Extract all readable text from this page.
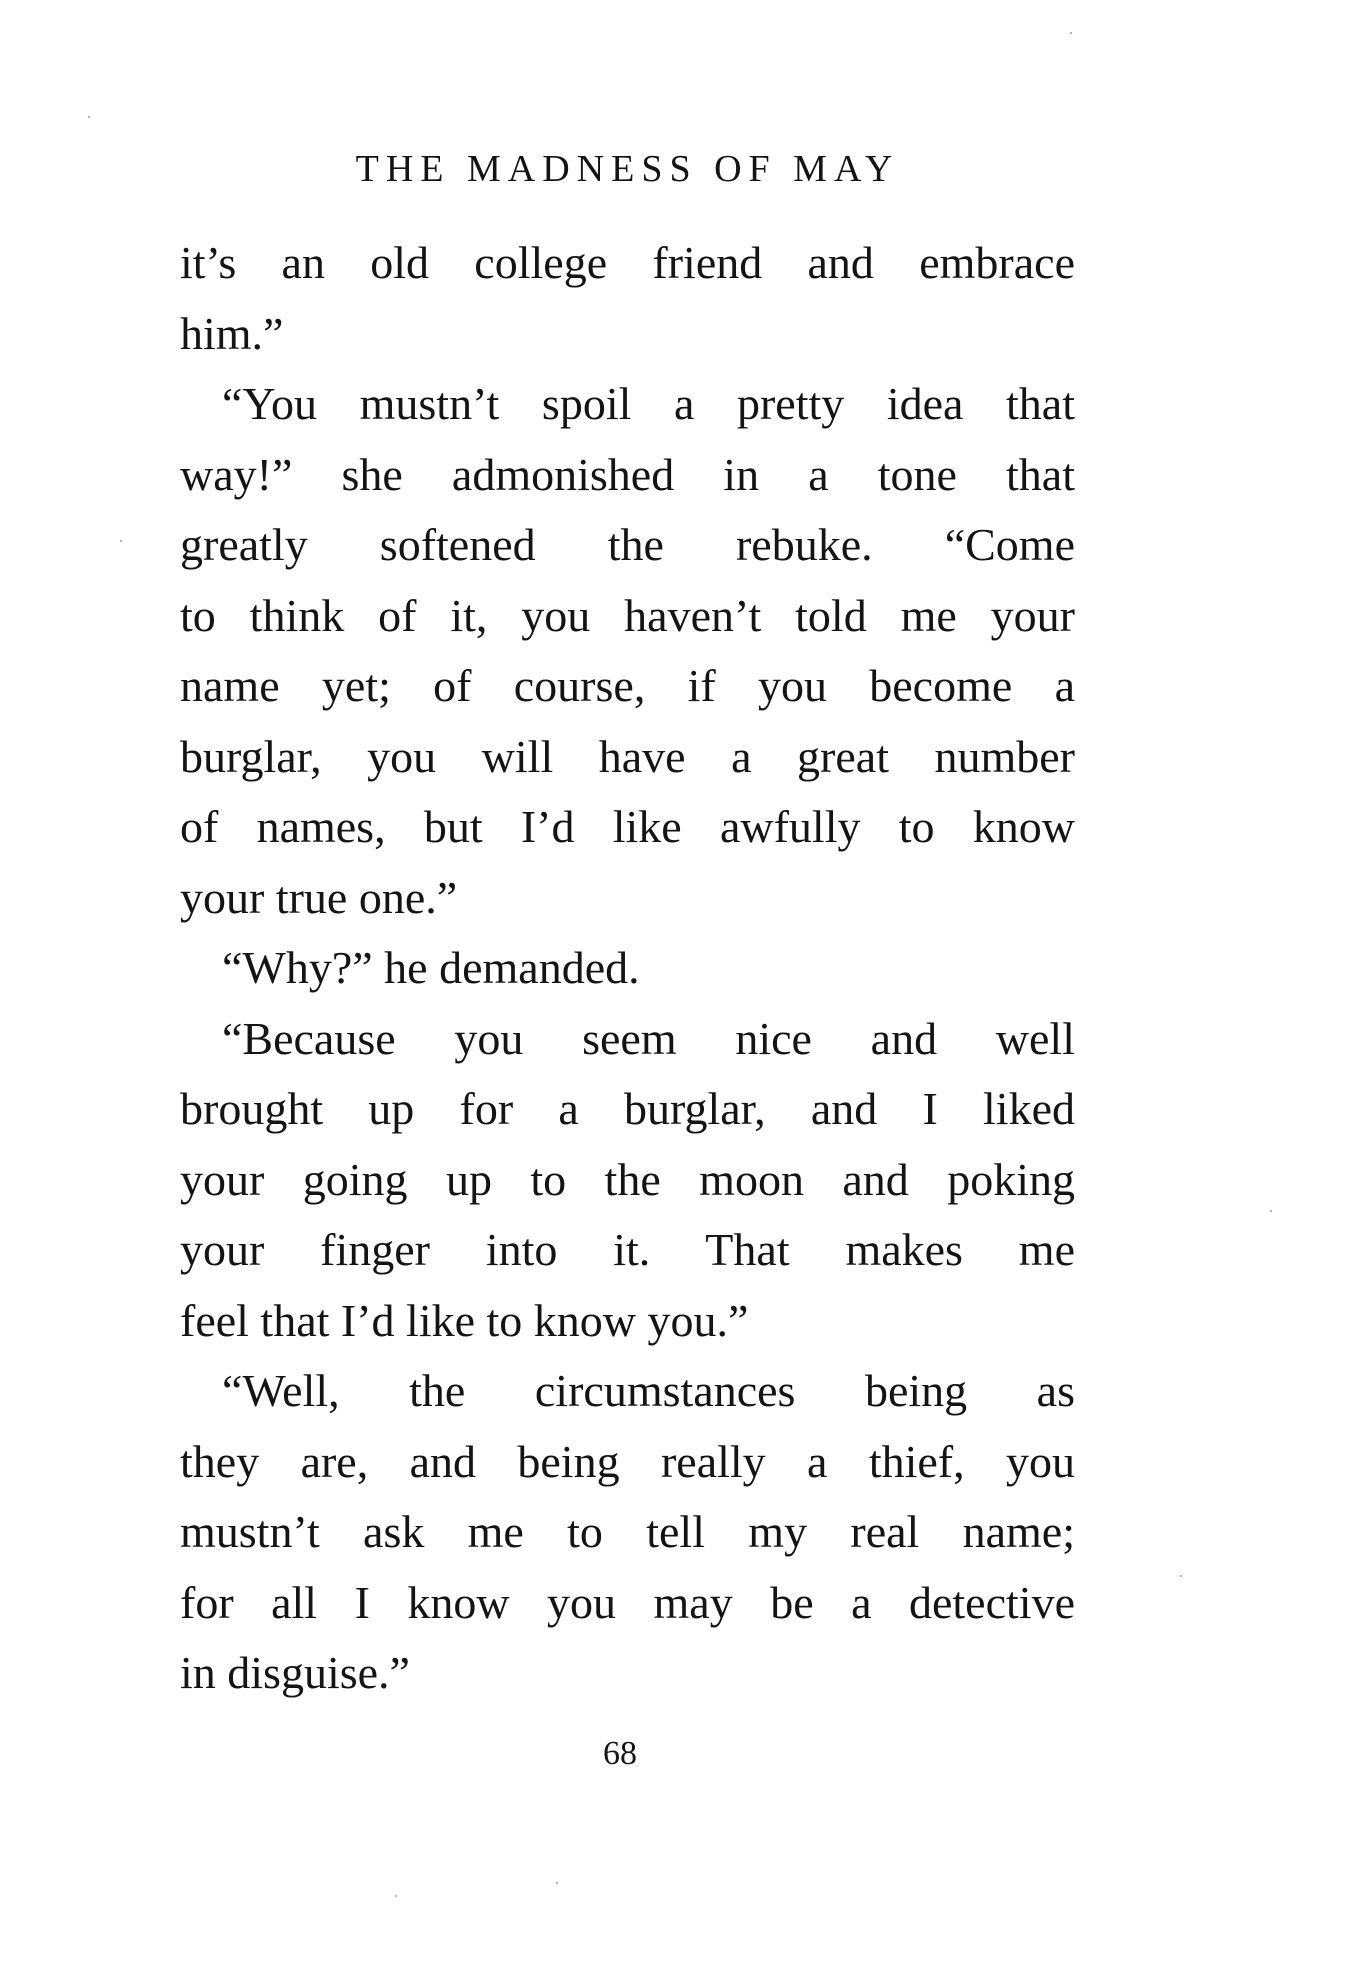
THE MADNESS OF MAY
it’s an old college friend and embrace
him.”
“You mustn’t spoil a pretty idea that
way!” she admonished in a tone that
greatly softened the rebuke. “Come
to think of it, you haven’t told me your
name yet; of course, if you become a
burglar, you will have a great number
of names, but I’d like awfully to know
your true one.”
“Why?” he demanded.
“Because you seem nice and well
brought up for a burglar, and I liked
your going up to the moon and poking
your finger into it. That makes me
feel that I’d like to know you.”
“Well, the circumstances being as
they are, and being really a thief, you
mustn’t ask me to tell my real name;
for all I know you may be a detective
in disguise.”
68
